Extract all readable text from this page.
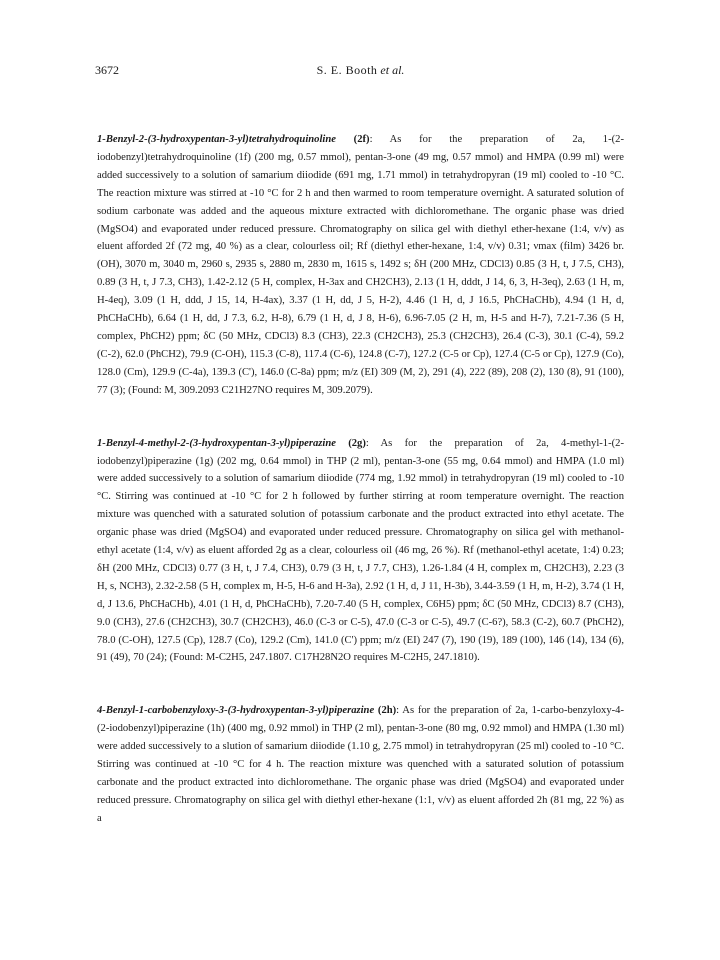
3672	S. E. Booth et al.

1-Benzyl-2-(3-hydroxypentan-3-yl)tetrahydroquinoline (2f): As for the preparation of 2a, 1-(2-iodobenzyl)tetrahydroquinoline (1f) (200 mg, 0.57 mmol), pentan-3-one (49 mg, 0.57 mmol) and HMPA (0.99 ml) were added successively to a solution of samarium diiodide (691 mg, 1.71 mmol) in tetrahydropyran (19 ml) cooled to -10 °C. The reaction mixture was stirred at -10 °C for 2 h and then warmed to room temperature overnight. A saturated solution of sodium carbonate was added and the aqueous mixture extracted with dichloromethane. The organic phase was dried (MgSO4) and evaporated under reduced pressure. Chromatography on silica gel with diethyl ether-hexane (1:4, v/v) as eluent afforded 2f (72 mg, 40 %) as a clear, colourless oil; Rf (diethyl ether-hexane, 1:4, v/v) 0.31; νmax (film) 3426 br. (OH), 3070 m, 3040 m, 2960 s, 2935 s, 2880 m, 2830 m, 1615 s, 1492 s; δH (200 MHz, CDCl3) 0.85 (3 H, t, J 7.5, CH3), 0.89 (3 H, t, J 7.3, CH3), 1.42-2.12 (5 H, complex, H-3ax and CH2CH3), 2.13 (1 H, dddt, J 14, 6, 3, H-3eq), 2.63 (1 H, m, H-4eq), 3.09 (1 H, ddd, J 15, 14, H-4ax), 3.37 (1 H, dd, J 5, H-2), 4.46 (1 H, d, J 16.5, PhCHaCHb), 4.94 (1 H, d, PhCHaCHb), 6.64 (1 H, dd, J 7.3, 6.2, H-8), 6.79 (1 H, d, J 8, H-6), 6.96-7.05 (2 H, m, H-5 and H-7), 7.21-7.36 (5 H, complex, PhCH2) ppm; δC (50 MHz, CDCl3) 8.3 (CH3), 22.3 (CH2CH3), 25.3 (CH2CH3), 26.4 (C-3), 30.1 (C-4), 59.2 (C-2), 62.0 (PhCH2), 79.9 (C-OH), 115.3 (C-8), 117.4 (C-6), 124.8 (C-7), 127.2 (C-5 or Cp), 127.4 (C-5 or Cp), 127.9 (Co), 128.0 (Cm), 129.9 (C-4a), 139.3 (C'), 146.0 (C-8a) ppm; m/z (EI) 309 (M, 2), 291 (4), 222 (89), 208 (2), 130 (8), 91 (100), 77 (3); (Found: M, 309.2093 C21H27NO requires M, 309.2079).

1-Benzyl-4-methyl-2-(3-hydroxypentan-3-yl)piperazine (2g): As for the preparation of 2a, 4-methyl-1-(2-iodobenzyl)piperazine (1g) (202 mg, 0.64 mmol) in THP (2 ml), pentan-3-one (55 mg, 0.64 mmol) and HMPA (1.0 ml) were added successively to a solution of samarium diiodide (774 mg, 1.92 mmol) in tetrahydropyran (19 ml) cooled to -10 °C. Stirring was continued at -10 °C for 2 h followed by further stirring at room temperature overnight. The reaction mixture was quenched with a saturated solution of potassium carbonate and the product extracted into ethyl acetate. The organic phase was dried (MgSO4) and evaporated under reduced pressure. Chromatography on silica gel with methanol-ethyl acetate (1:4, v/v) as eluent afforded 2g as a clear, colourless oil (46 mg, 26 %). Rf (methanol-ethyl acetate, 1:4) 0.23; δH (200 MHz, CDCl3) 0.77 (3 H, t, J 7.4, CH3), 0.79 (3 H, t, J 7.7, CH3), 1.26-1.84 (4 H, complex m, CH2CH3), 2.23 (3 H, s, NCH3), 2.32-2.58 (5 H, complex m, H-5, H-6 and H-3a), 2.92 (1 H, d, J 11, H-3b), 3.44-3.59 (1 H, m, H-2), 3.74 (1 H, d, J 13.6, PhCHaCHb), 4.01 (1 H, d, PhCHaCHb), 7.20-7.40 (5 H, complex, C6H5) ppm; δC (50 MHz, CDCl3) 8.7 (CH3), 9.0 (CH3), 27.6 (CH2CH3), 30.7 (CH2CH3), 46.0 (C-3 or C-5), 47.0 (C-3 or C-5), 49.7 (C-6?), 58.3 (C-2), 60.7 (PhCH2), 78.0 (C-OH), 127.5 (Cp), 128.7 (Co), 129.2 (Cm), 141.0 (C') ppm; m/z (EI) 247 (7), 190 (19), 189 (100), 146 (14), 134 (6), 91 (49), 70 (24); (Found: M-C2H5, 247.1807. C17H28N2O requires M-C2H5, 247.1810).

4-Benzyl-1-carbobenzyloxy-3-(3-hydroxypentan-3-yl)piperazine (2h): As for the preparation of 2a, 1-carbo-benzyloxy-4-(2-iodobenzyl)piperazine (1h) (400 mg, 0.92 mmol) in THP (2 ml), pentan-3-one (80 mg, 0.92 mmol) and HMPA (1.30 ml) were added successively to a slution of samarium diiodide (1.10 g, 2.75 mmol) in tetrahydropyran (25 ml) cooled to -10 °C. Stirring was continued at -10 °C for 4 h. The reaction mixture was quenched with a saturated solution of potassium carbonate and the product extracted into dichloromethane. The organic phase was dried (MgSO4) and evaporated under reduced pressure. Chromatography on silica gel with diethyl ether-hexane (1:1, v/v) as eluent afforded 2h (81 mg, 22 %) as a
